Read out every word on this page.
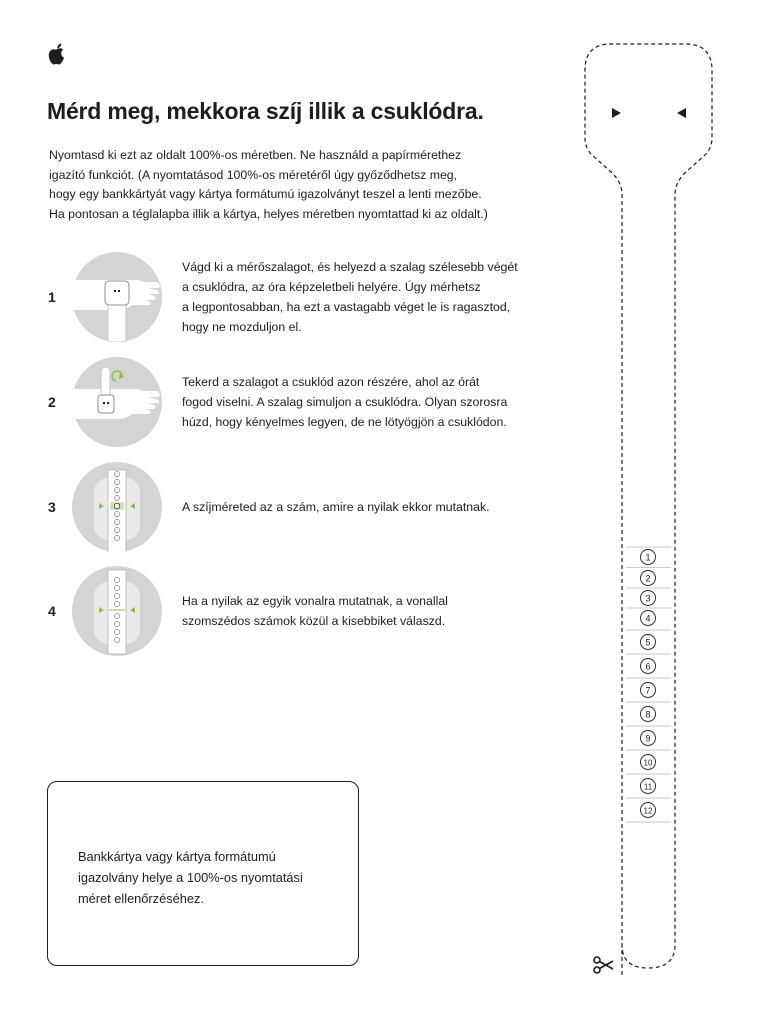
Mérd meg, mekkora szíj illik a csuklódra.

Nyomtasd ki ezt az oldalt 100%-os méretben. Ne használd a papírmérethez
igazító funkciót. (A nyomtatásod 100%-os méretéről úgy győződhetsz meg,
hogy egy bankkártyát vagy kártya formátumú igazolványt teszel a lenti mezőbe.
Ha pontosan a téglalapba illik a kártya, helyes méretben nyomtattad ki az oldalt.)

1
Vágd ki a mérőszalagot, és helyezd a szalag szélesebb végét
a csuklódra, az óra képzeletbeli helyére. Úgy mérhetsz
a legpontosabban, ha ezt a vastagabb véget le is ragasztod,
hogy ne mozduljon el.
2
Tekerd a szalagot a csuklód azon részére, ahol az órát
fogod viselni. A szalag simuljon a csuklódra. Olyan szorosra
húzd, hogy kényelmes legyen, de ne lötyögjön a csuklódon.
3	A szíjméreted az a szám, amire a nyilak ekkor mutatnak.
4
Ha a nyilak az egyik vonalra mutatnak, a vonallal
szomszédos számok közül a kisebbiket válaszd.
Bankkártya vagy kártya formátumú
igazolvány helye a 100%-os nyomtatási
méret ellenőrzéséhez.
1
2
3
4
5
6
7
8
9
10
11
12
